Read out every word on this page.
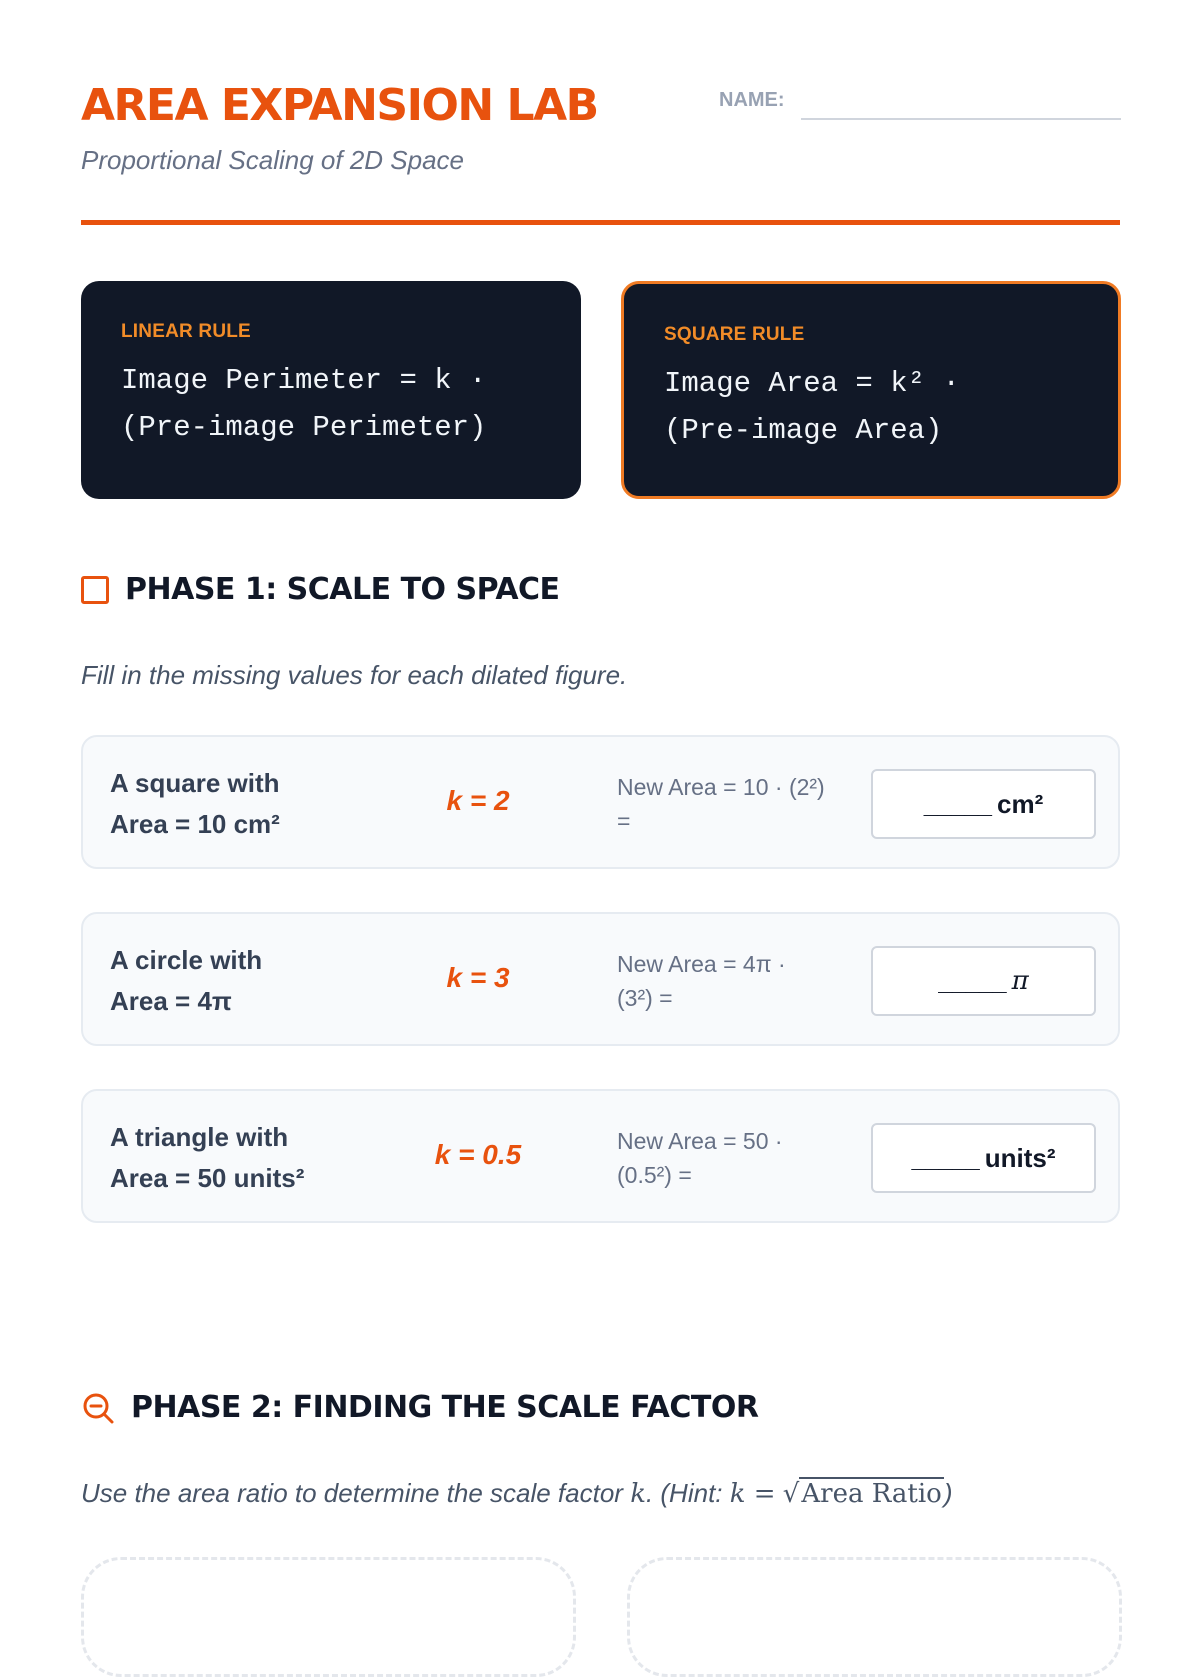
AREA EXPANSION LAB
Proportional Scaling of 2D Space
NAME:
LINEAR RULE
Image Perimeter = k ·
(Pre-image Perimeter)
SQUARE RULE
Image Area = k² ·
(Pre-image Area)
PHASE 1: SCALE TO SPACE
Fill in the missing values for each dilated figure.
A square with
Area = 10 cm²
k = 2	New Area = 10 · (2²)
=
_____ cm²
A circle with
Area = 4π
k = 3	New Area = 4π ·
(3²) =
_____ π
A triangle with
Area = 50 units²
k = 0.5	New Area = 50 ·
(0.5²) =
_____ units²
PHASE 2: FINDING THE SCALE FACTOR
Use the area ratio to determine the scale factor k. (Hint: k = √Area Ratio)
